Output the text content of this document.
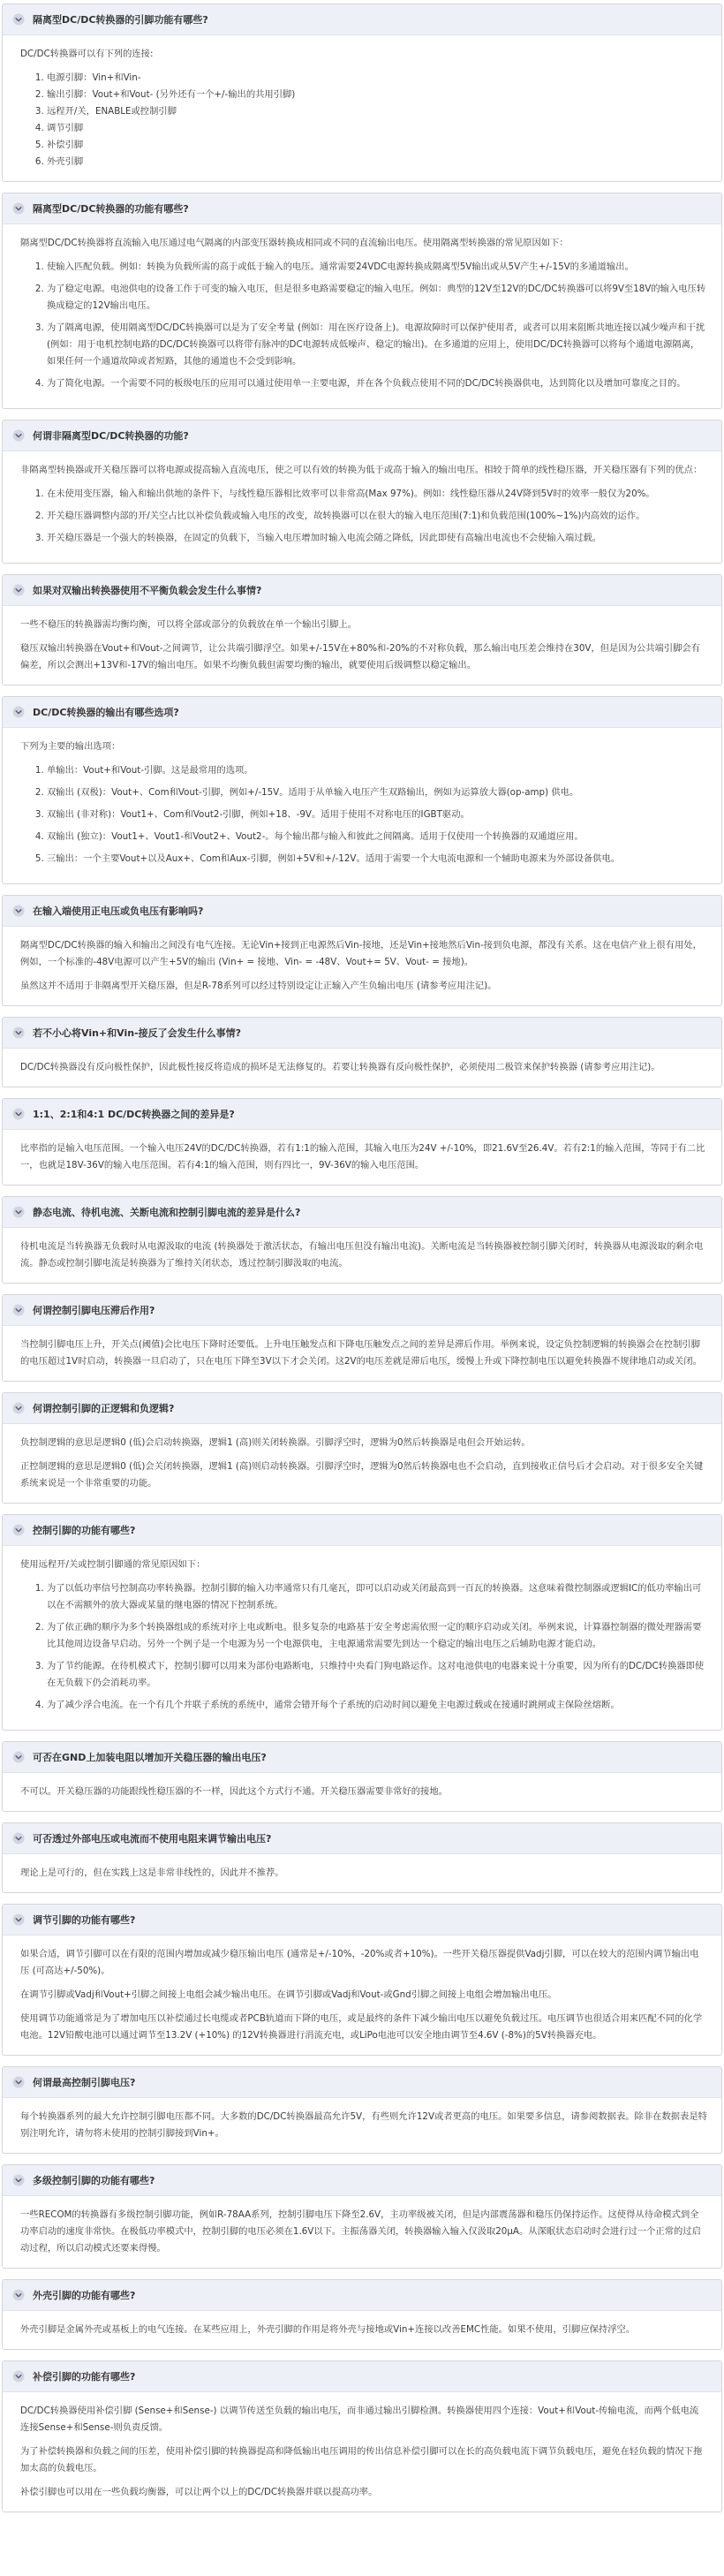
隔离型DC/DC转换器的引脚功能有哪些?

DC/DC转换器可以有下列的连接:

1. 电源引脚：Vin+和Vin-
2. 输出引脚：Vout+和Vout- (另外还有一个+/-输出的共用引脚)
3. 远程开/关，ENABLE或控制引脚
4. 调节引脚
5. 补偿引脚
6. 外壳引脚
隔离型DC/DC转换器的功能有哪些?

隔离型DC/DC转换器将直流输入电压通过电气隔离的内部变压器转换成相同或不同的直流输出电压。使用隔离型转换器的常见原因如下：

1. 使输入匹配负载。例如：转换为负载所需的高于或低于输入的电压。通常需要24VDC电源转换成隔离型5V输出或从5V产生+/-15V的多通道输出。
2. 为了稳定电源。电池供电的设备工作于可变的输入电压，但是很多电路需要稳定的输入电压。例如：典型的12V至12V的DC/DC转换器可以将9V至18V的输入电压转换成稳定的12V输出电压。
3. 为了隔离电源，使用隔离型DC/DC转换器可以是为了安全考量 (例如：用在医疗设备上)。电源故障时可以保护使用者，或者可以用来阻断共地连接以减少噪声和干扰 (例如：用于电机控制电路的DC/DC转换器可以将带有脉冲的DC电源转成低噪声、稳定的输出)。在多通道的应用上，使用DC/DC转换器可以将每个通道电源隔离，如果任何一个通道故障或者短路，其他的通道也不会受到影响。
4. 为了简化电源。一个需要不同的板级电压的应用可以通过使用单一主要电源，并在各个负载点使用不同的DC/DC转换器供电，达到简化以及增加可靠度之目的。
何谓非隔离型DC/DC转换器的功能?

非隔离型转换器或开关稳压器可以将电源或提高输入直流电压，使之可以有效的转换为低于或高于输入的输出电压。相较于简单的线性稳压器，开关稳压器有下列的优点：

1. 在未使用变压器，输入和输出供地的条件下，与线性稳压器相比效率可以非常高(Max 97%)。例如：线性稳压器从24V降到5V时的效率一般仅为20%。
2. 开关稳压器调整内部的开/关空占比以补偿负载或输入电压的改变，故转换器可以在很大的输入电压范围(7:1)和负载范围(100%~1%)内高效的运作。
3. 开关稳压器是一个强大的转换器，在固定的负载下，当输入电压增加时输入电流会随之降低，因此即使有高输出电流也不会使输入端过载。
如果对双输出转换器使用不平衡负载会发生什么事情?

一些不稳压的转换器需均衡均衡，可以将全部或部分的负载放在单一个输出引脚上。

稳压双输出转换器在Vout+和Vout-之间调节，让公共端引脚浮空。如果+/-15V在+80%和-20%的不对称负载，那么输出电压差会维持在30V，但是因为公共端引脚会有偏差，所以会测出+13V和-17V的输出电压。如果不均衡负载但需要均衡的输出，就要使用后级调整以稳定输出。

DC/DC转换器的输出有哪些选项?

下列为主要的输出选项：

1. 单输出：Vout+和Vout-引脚。这是最常用的选项。
2. 双输出 (双极)：Vout+、Com和Vout-引脚，例如+/-15V。适用于从单输入电压产生双路输出，例如为运算放大器(op-amp) 供电。
3. 双输出 (非对称)：Vout1+、Com和Vout2-引脚，例如+18、-9V。适用于使用不对称电压的IGBT驱动。
4. 双输出 (独立)：Vout1+、Vout1-和Vout2+、Vout2-。每个输出都与输入和彼此之间隔离。适用于仅使用一个转换器的双通道应用。
5. 三输出：一个主要Vout+以及Aux+、Com和Aux-引脚，例如+5V和+/-12V。适用于需要一个大电流电源和一个辅助电源来为外部设备供电。
在输入端使用正电压或负电压有影响吗?

隔离型DC/DC转换器的输入和输出之间没有电气连接。无论Vin+接到正电源然后Vin-接地，还是Vin+接地然后Vin-接到负电源，都没有关系。这在电信产业上很有用处，例如，一个标准的-48V电源可以产生+5V的输出 (Vin+ = 接地、Vin- = -48V、Vout+= 5V、Vout- = 接地)。

虽然这并不适用于非隔离型开关稳压器，但是R-78系列可以经过特别设定让正输入产生负输出电压 (请参考应用注记)。

若不小心将Vin+和Vin-接反了会发生什么事情?

DC/DC转换器没有反向极性保护，因此极性接反将造成的损坏是无法修复的。若要让转换器有反向极性保护，必须使用二极管来保护转换器 (请参考应用注记)。

1:1、2:1和4:1 DC/DC转换器之间的差异是?

比率指的是输入电压范围。一个输入电压24V的DC/DC转换器，若有1:1的输入范围，其输入电压为24V +/-10%，即21.6V至26.4V。若有2:1的输入范围，等同于有二比一，也就是18V-36V的输入电压范围。若有4:1的输入范围，则有四比一，9V-36V的输入电压范围。

静态电流、待机电流、关断电流和控制引脚电流的差异是什么?

待机电流是当转换器无负载时从电源汲取的电流 (转换器处于激活状态，有输出电压但没有输出电流)。关断电流是当转换器被控制引脚关闭时，转换器从电源汲取的剩余电流。静态或控制引脚电流是转换器为了维持关闭状态，透过控制引脚汲取的电流。

何谓控制引脚电压滞后作用?

当控制引脚电压上升，开关点(阈值)会比电压下降时还要低。上升电压触发点和下降电压触发点之间的差异是滞后作用。举例来说，设定负控制逻辑的转换器会在控制引脚的电压超过1V时启动，转换器一旦启动了，只在电压下降至3V以下才会关闭。这2V的电压差就是滞后电压，缓慢上升或下降控制电压以避免转换器不规律地启动或关闭。

何谓控制引脚的正逻辑和负逻辑?

负控制逻辑的意思是逻辑0 (低)会启动转换器，逻辑1 (高)则关闭转换器。引脚浮空时，逻辑为0然后转换器是电但会开始运转。

正控制逻辑的意思是逻辑0 (低)会关闭转换器，逻辑1 (高)则启动转换器。引脚浮空时，逻辑为0然后转换器电也不会启动，直到接收正信号后才会启动。对于很多安全关键系统来说是一个非常重要的功能。

控制引脚的功能有哪些?

使用远程开/关或控制引脚通的常见原因如下：

1. 为了以低功率信号控制高功率转换器。控制引脚的输入功率通常只有几毫瓦，即可以启动或关闭最高到一百瓦的转换器。这意味着微控制器或逻辑IC的低功率输出可以在不需额外的放大器或某量的继电器的情况下控制系统。
2. 为了依正确的顺序为多个转换器组成的系统对序上电或断电。很多复杂的电路基于安全考虑需依照一定的顺序启动或关闭。举例来说，计算器控制器的微处理器需要比其他周边设备早启动。另外一个例子是一个电源为另一个电源供电，主电源通常需要先到达一个稳定的输出电压之后辅助电源才能启动。
3. 为了节约能源。在待机模式下，控制引脚可以用来为部份电路断电，只维持中央看门狗电路运作。这对电池供电的电器来说十分重要，因为所有的DC/DC转换器即使在无负载下仍会消耗功率。
4. 为了减少浮合电流。在一个有几个并联子系统的系统中，通常会错开每个子系统的启动时间以避免主电源过载或在接通时跳闸或主保险丝熔断。
可否在GND上加装电阻以增加开关稳压器的输出电压?

不可以。开关稳压器的功能跟线性稳压器的不一样，因此这个方式行不通。开关稳压器需要非常好的接地。

可否透过外部电压或电流而不使用电阻来调节输出电压?

理论上是可行的，但在实践上这是非常非线性的，因此并不推荐。

调节引脚的功能有哪些?

如果合适，调节引脚可以在有限的范围内增加或减少稳压输出电压 (通常是+/-10%，-20%或者+10%)。一些开关稳压器提供Vadj引脚，可以在较大的范围内调节输出电压 (可高达+/-50%)。

在调节引脚或Vadj和Vout+引脚之间接上电组会减少输出电压。在调节引脚或Vadj和Vout-或Gnd引脚之间接上电组会增加输出电压。

使用调节功能通常是为了增加电压以补偿通过长电缆或者PCB轨道而下降的电压，或是最终的条件下减少输出电压以避免负载过压。电压调节也很适合用来匹配不同的化学电池。12V铅酸电池可以通过调节至13.2V (+10%) 的12V转换器进行涓流充电，或LiPo电池可以安全地由调节至4.6V (-8%)的5V转换器充电。

何谓最高控制引脚电压?

每个转换器系列的最大允许控制引脚电压都不同。大多数的DC/DC转换器最高允许5V，有些则允许12V或者更高的电压。如果要多信息，请参阅数据表。除非在数据表是特别注明允许，请勿将未使用的控制引脚接到Vin+。

多级控制引脚的功能有哪些?

一些RECOM的转换器有多级控制引脚功能，例如R-78AA系列，控制引脚电压下降至2.6V，主功率级被关闭，但是内部震荡器和稳压仍保持运作。这使得从待命模式到全功率启动的速度非常快。在极低功率模式中，控制引脚的电压必须在1.6V以下。主振荡器关闭，转换器输入输入仅汲取20μA。从深眠状态启动时会进行过一个正常的过启动过程，所以启动模式还要来得慢。

外壳引脚的功能有哪些?

外壳引脚是金属外壳或基板上的电气连接。在某些应用上，外壳引脚的作用是将外壳与接地或Vin+连接以改善EMC性能。如果不使用，引脚应保持浮空。

补偿引脚的功能有哪些?

DC/DC转换器使用补偿引脚 (Sense+和Sense-) 以调节传送至负载的输出电压，而非通过输出引脚检测。转换器使用四个连接：Vout+和Vout-传输电流，而两个低电流连接Sense+和Sense-则负责反馈。

为了补偿转换器和负载之间的压差，使用补偿引脚的转换器提高和降低输出电压调用的传出信息补偿引脚可以在长的高负载电流下调节负载电压，避免在轻负载的情况下拖加太高的负载电压。

补偿引脚也可以用在一些负载均衡器，可以让两个以上的DC/DC转换器并联以提高功率。
